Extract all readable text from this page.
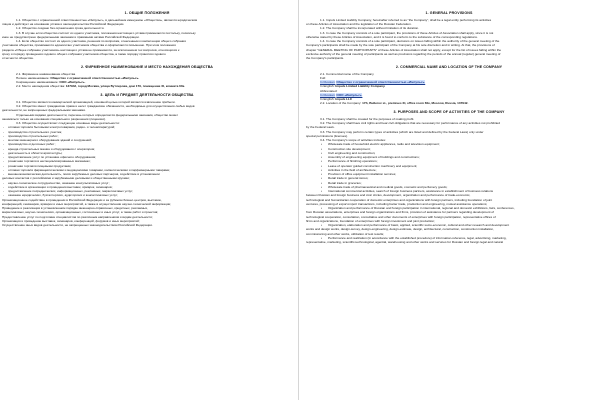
1. ОБЩИЕ ПОЛОЖЕНИЯ
1.1. Общество с ограниченной ответственностью «Импульс», в дальнейшем именуемое «Общество», является юридическим
лицом и действует на основании устава и законодательства Российской Федерации.
1.2. Общество создано без ограничения срока деятельности.
1.3. В случае если общество состоит из одного участника, положения настоящего устава применяются постольку, поскольку
иное не предусмотрено федеральными законами и правовыми актами Российской Федерации.
1.4. Если общество состоит из одного участника, решения по вопросам, отнесенным к компетенции общего собрания
участников общества, принимаются единолично участником общества и оформляются письменно. При этом положения
раздела «Общее собрание участников» настоящего устава не применяются, за исключением тех вопросов, относящихся к
сроку и порядку проведения годового общего собрания участников общества, а также порядку принятия годового
отчетности общества.
2. ФИРМЕННОЕ НАИМЕНОВАНИЕ И МЕСТО НАХОЖДЕНИЯ ОБЩЕСТВА
2.1. Фирменное наименование общества
Полное наименование: Общество с ограниченной ответственностью «Импульс».
Сокращенное наименование: ООО «Импульс».
2.2. Место нахождения общества: 137942, город Москва, улица Бутлерова, дом 17б, помещение XI, комната 60к.
3. ЦЕЛЬ И ПРЕДМЕТ ДЕЯТЕЛЬНОСТИ ОБЩЕСТВА
3.1. Общество является коммерческой организацией, основной целью которой является извлечение прибыли.
3.2. Общество имеет гражданские права и несет гражданские обязанности, необходимые для осуществления любых видов
деятельности, не запрещенных федеральными законами.
Отдельными видами деятельности, перечень которых определяется федеральными законами, общество может
заниматься только на основании специального разрешения (лицензии).
3.3. Общество осуществляет следующие основные виды деятельности:
- оптовая торговля бытовыми электротоварами, радио- и телеаппаратурой;
- производство строительного участка;
- производство строительных работ;
- монтаж инженерного оборудования зданий и сооружений;
- производство отделочных работ;
- аренда строительных машин и оборудования с оператором;
- деятельность в области архитектуры;
- предоставление услуг по установке офисного оборудования;
- розничная торговля в неспециализированных магазинах;
- розничная торговля пищевыми продуктами;
- оптовая торговля фармацевтическими и медицинскими товарами, косметическими и парфюмерными товарами;
- внешнеэкономическая деятельность, поиск зарубежных деловых партнеров, содействие в установлении
деловых контактов с российскими и зарубежными деловыми и общественными кругами;
- научно-техническое сотрудничество, оказание консультативных услуг;
- содействие в организации и проведении выставок, ярмарок, семинаров;
- предоставление посреднических, информационных, рекламных, маркетинговых услуг;
- оказание юридических, бухгалтерских, аудиторских и консалтинговых услуг;
Организационное содействие в проведении в Российской Федерации и за рубежом бизнес-центров, выставок,
конференций, семинаров, ярмарок и иных мероприятий, а также в осуществлении научно-технической информации;
Проведение и реализация в установленном порядке инженерно-справочных, кредитных, рекламных,
маркетинговых, научно-технических, организационных, гостиничных и иных услуг, а также работ и проектов;
Предоставление услуг по подготовке специалистов по различным направлениям и видам деятельности;
Организация и проведение выставок, семинаров, конференций, форумов и иных мероприятий;
Осуществление иных видов деятельности, не запрещенных законодательством Российской Федерации.
1. GENERAL PROVISIONS
1.1. Impuls Limited Liability Company, hereinafter referred to as "the Company", shall be a legal entity performing its activities
on these Articles of Association and the legislation of the Russian Federation.
1.2. The Company shall be incorporated without limitation of its duration.
1.3. In case the Company consists of a sole participant, the provisions of these Articles of Association shall apply, since it is not
otherwise stated by these Articles of Association, and it is found to conform to the substance of the corresponding regulations.
1.4. In case the Company consists of a sole participant, decisions on issues falling within the authority of the general meeting of the
Company's participants shall be made by the sole participant of the Company at his sole discretion and in writing. At that, the provisions of
chapter "GENERAL MEETING OF PARTICIPANTS" of these Articles of Association shall not apply, except for the list of issues falling within the
exclusive authority of the general meeting of participants as well as provisions regarding the periods of the annual (regular) general meeting of
the Company's participants.
2. COMMERCIAL NAME AND LOCATION OF THE COMPANY
2.1. Commercial name of the Company
Full:
In Russian: Общество с ограниченной ответственностью «Импульс».
In English: Impuls Limited Liability Company.
Abbreviated:
In Russian: ООО «Импульс».
In English: Impuls LLC
2.2. Location of the Company: 17б, Butlerov st., premises XI, office room 60к, Moscow, Russia, 137942.
3. PURPOSES AND SCOPE OF ACTIVITIES OF THE COMPANY
3.1. The Company shall be created for the purposes of making profit.
3.2. The Company shall have civil rights and bear civil obligations that are necessary for performance of any activities not prohibited
by the Federal Laws.
3.3. The Company may perform certain types of activities (which are listed and defined by the Federal Laws) only under
special permissions (licenses).
3.4. The Company's scope of activities includes:
• Wholesale trade of household electric appliances, radio and television equipment;
• Construction site development;
• Civil engineering and construction;
• Assembly of engineering equipment of buildings and constructions;
• Performance of finishing operations;
• Lease of operator guided construction machinery and equipment;
• Activities in the field of architecture;
• Provision of office equipment installation services;
• Retail trade in general stores;
• Retail trade in groceries;
• Wholesale trade of pharmaceutical and medical goods, cosmetic and perfumery goods;
• International commercial activities, search of foreign business partners, assistance in establishment of business relations
between Russian and foreign business and civic circles, development, organization and performance of trade-economic,
technological and humanitarian cooperation of domestic enterprises and organizations with foreign partners, including foundation of joint
ventures, processing of export-import transactions, including barter trade, production and engineering, mutual assistance operations;
• Organization and performance of Russian and foreign participation in international, regional and domestic exhibitions, fairs, conferences,
from Russian associations, enterprises and foreign organizations and firms, provision of assistance for partners regarding development of
technological cooperation, consultation, consultative and other documents of enterprises with foreign participation, representative offices of
firms and organizations, foundation of enterprises with foreign investment and joint production;
• Organization, elaboration and performance of basic, applied, scientific socio-economic, cultural and other research and development
works and design works, design-survey, design-engineering, design-estimate, design, architectural, construction, construction installation,
commissioning and other works, utilization of test results;
• Performance and realization (in accordance with the established procedure) of information-reference, legal, advertising, marketing,
representative, marketing, scientific-technological, agential, warehousing and other works and services for Russian and foreign legal and natural
